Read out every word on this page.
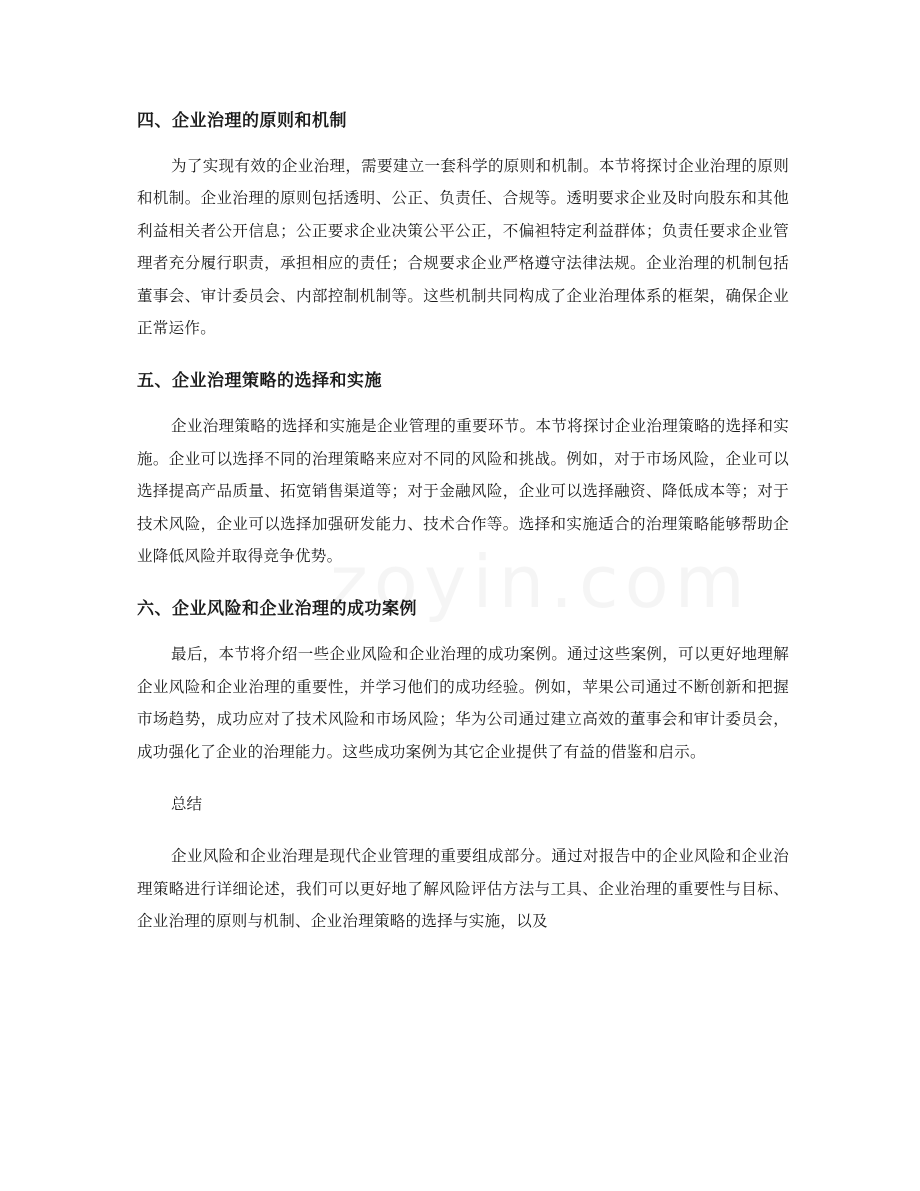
四、企业治理的原则和机制

为了实现有效的企业治理，需要建立一套科学的原则和机制。本节将探讨企业治理的原则和机制。企业治理的原则包括透明、公正、负责任、合规等。透明要求企业及时向股东和其他利益相关者公开信息；公正要求企业决策公平公正，不偏袒特定利益群体；负责任要求企业管理者充分履行职责，承担相应的责任；合规要求企业严格遵守法律法规。企业治理的机制包括董事会、审计委员会、内部控制机制等。这些机制共同构成了企业治理体系的框架，确保企业正常运作。

五、企业治理策略的选择和实施

企业治理策略的选择和实施是企业管理的重要环节。本节将探讨企业治理策略的选择和实施。企业可以选择不同的治理策略来应对不同的风险和挑战。例如，对于市场风险，企业可以选择提高产品质量、拓宽销售渠道等；对于金融风险，企业可以选择融资、降低成本等；对于技术风险，企业可以选择加强研发能力、技术合作等。选择和实施适合的治理策略能够帮助企业降低风险并取得竞争优势。

六、企业风险和企业治理的成功案例

最后，本节将介绍一些企业风险和企业治理的成功案例。通过这些案例，可以更好地理解企业风险和企业治理的重要性，并学习他们的成功经验。例如，苹果公司通过不断创新和把握市场趋势，成功应对了技术风险和市场风险；华为公司通过建立高效的董事会和审计委员会，成功强化了企业的治理能力。这些成功案例为其它企业提供了有益的借鉴和启示。

总结

企业风险和企业治理是现代企业管理的重要组成部分。通过对报告中的企业风险和企业治理策略进行详细论述，我们可以更好地了解风险评估方法与工具、企业治理的重要性与目标、企业治理的原则与机制、企业治理策略的选择与实施，以及
